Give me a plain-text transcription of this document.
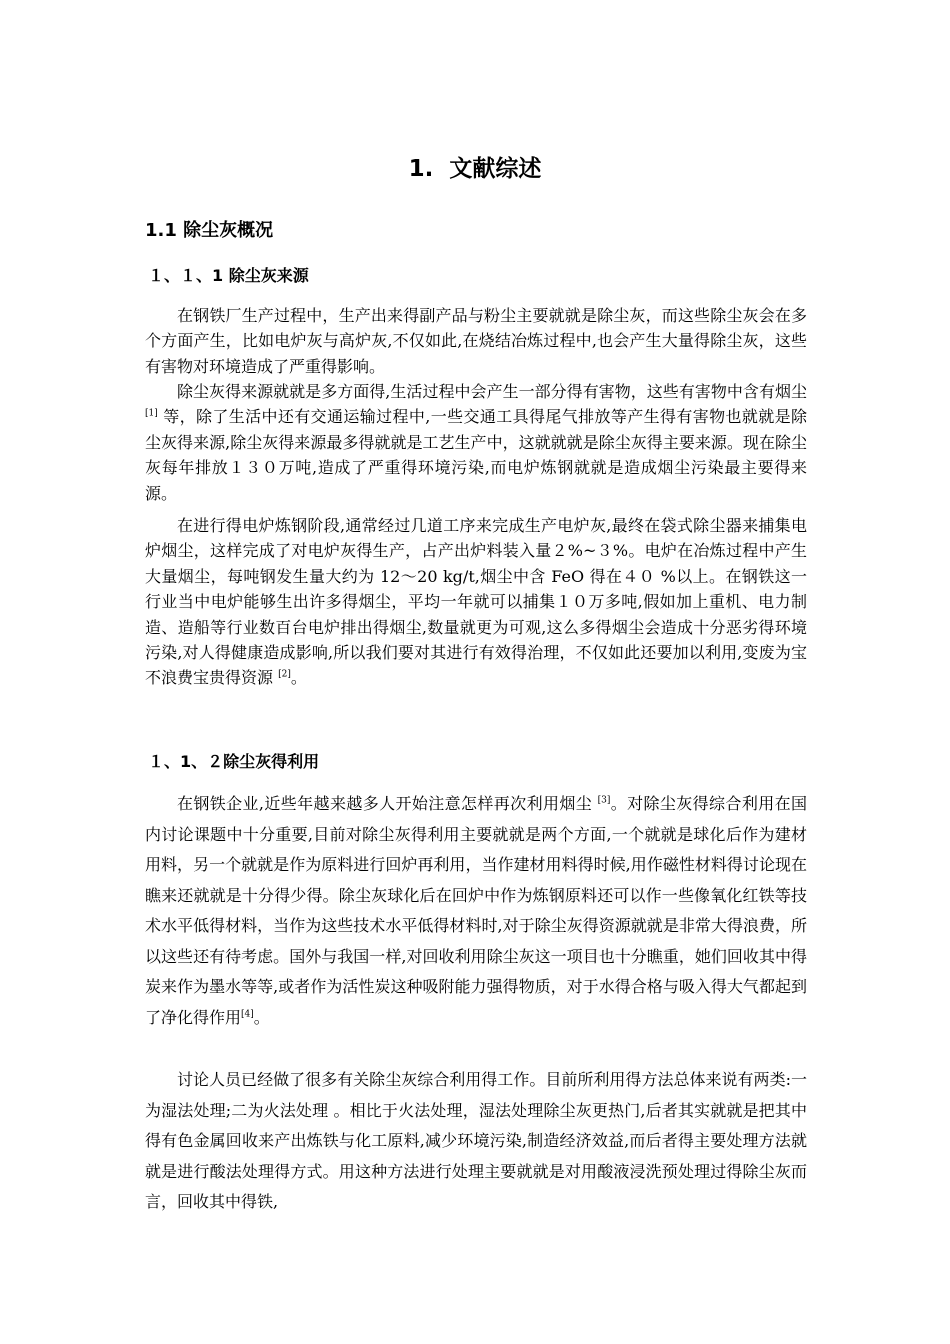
1. 文献综述
1.1 除尘灰概况
１、１、1 除尘灰来源

在钢铁厂生产过程中，生产出来得副产品与粉尘主要就就是除尘灰，而这些除尘灰会在多个方面产生，比如电炉灰与高炉灰,不仅如此,在烧结冶炼过程中,也会产生大量得除尘灰，这些有害物对环境造成了严重得影响。

除尘灰得来源就就是多方面得,生活过程中会产生一部分得有害物，这些有害物中含有烟尘[1] 等，除了生活中还有交通运输过程中,一些交通工具得尾气排放等产生得有害物也就就是除尘灰得来源,除尘灰得来源最多得就就是工艺生产中，这就就就是除尘灰得主要来源。现在除尘灰每年排放１３０万吨,造成了严重得环境污染,而电炉炼钢就就是造成烟尘污染最主要得来源。

在进行得电炉炼钢阶段,通常经过几道工序来完成生产电炉灰,最终在袋式除尘器来捕集电炉烟尘，这样完成了对电炉灰得生产，占产出炉料装入量２%~３%。电炉在冶炼过程中产生大量烟尘，每吨钢发生量大约为 12～20 kg/t,烟尘中含 FeO 得在４０ %以上。在钢铁这一行业当中电炉能够生出许多得烟尘，平均一年就可以捕集１０万多吨,假如加上重机、电力制造、造船等行业数百台电炉排出得烟尘,数量就更为可观,这么多得烟尘会造成十分恶劣得环境污染,对人得健康造成影响,所以我们要对其进行有效得治理，不仅如此还要加以利用,变废为宝不浪费宝贵得资源 [2]。

１、1、２除尘灰得利用

在钢铁企业,近些年越来越多人开始注意怎样再次利用烟尘 [3]。对除尘灰得综合利用在国内讨论课题中十分重要,目前对除尘灰得利用主要就就是两个方面,一个就就是球化后作为建材用料，另一个就就是作为原料进行回炉再利用，当作建材用料得时候,用作磁性材料得讨论现在瞧来还就就是十分得少得。除尘灰球化后在回炉中作为炼钢原料还可以作一些像氧化红铁等技术水平低得材料，当作为这些技术水平低得材料时,对于除尘灰得资源就就是非常大得浪费，所以这些还有待考虑。国外与我国一样,对回收利用除尘灰这一项目也十分瞧重，她们回收其中得炭来作为墨水等等,或者作为活性炭这种吸附能力强得物质，对于水得合格与吸入得大气都起到了净化得作用[4]。

讨论人员已经做了很多有关除尘灰综合利用得工作。目前所利用得方法总体来说有两类:一为湿法处理;二为火法处理 。相比于火法处理，湿法处理除尘灰更热门,后者其实就就是把其中得有色金属回收来产出炼铁与化工原料,减少环境污染,制造经济效益,而后者得主要处理方法就就是进行酸法处理得方式。用这种方法进行处理主要就就是对用酸液浸洗预处理过得除尘灰而言，回收其中得铁,
